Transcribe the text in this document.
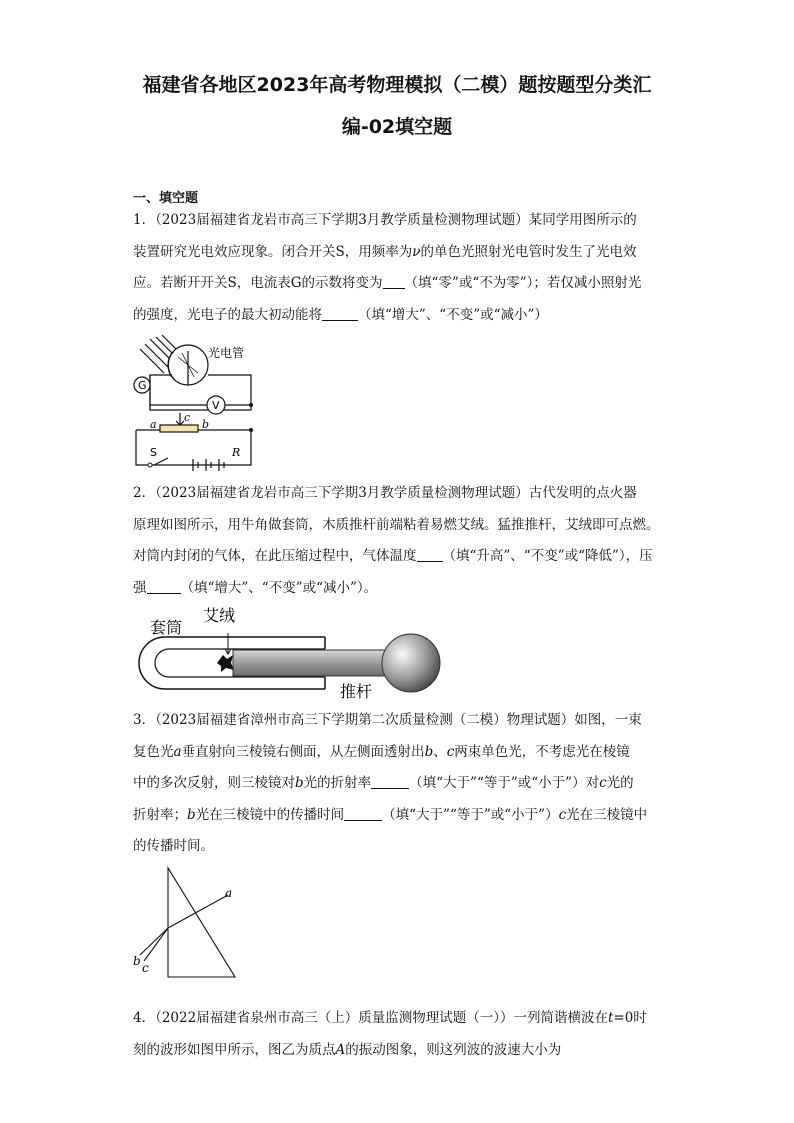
福建省各地区2023年高考物理模拟（二模）题按题型分类汇
编-02填空题
一、填空题
1．（2023届福建省龙岩市高三下学期3月教学质量检测物理试题）某同学用图所示的
装置研究光电效应现象。闭合开关S，用频率为ν的单色光照射光电管时发生了光电效
应。若断开开关S，电流表G的示数将变为 （填“零”或“不为零”）；若仅减小照射光
的强度，光电子的最大初动能将	（填“增大”、“不变”或“减小”）
光电管
G
V
a	b
c
S	R
2．（2023届福建省龙岩市高三下学期3月教学质量检测物理试题）古代发明的点火器
原理如图所示，用牛角做套筒，木质推杆前端粘着易燃艾绒。猛推推杆，艾绒即可点燃。
对筒内封闭的气体，在此压缩过程中，气体温度 （填“升高”、“不变”或“降低”），压
强	（填“增大”、“不变”或“减小”）。
艾绒
套筒
推杆
3．（2023届福建省漳州市高三下学期第二次质量检测（二模）物理试题）如图，一束
复色光a垂直射向三棱镜右侧面，从左侧面透射出b、c两束单色光，不考虑光在棱镜
中的多次反射，则三棱镜对b光的折射率	（填“大于”“等于”或“小于”）对c光的
折射率；b光在三棱镜中的传播时间	（填“大于”“等于”或“小于”）c光在三棱镜中
的传播时间。
a
b c
4．（2022届福建省泉州市高三（上）质量监测物理试题（一））一列简谐横波在t=0时
刻的波形如图甲所示，图乙为质点A的振动图象，则这列波的波速大小为
